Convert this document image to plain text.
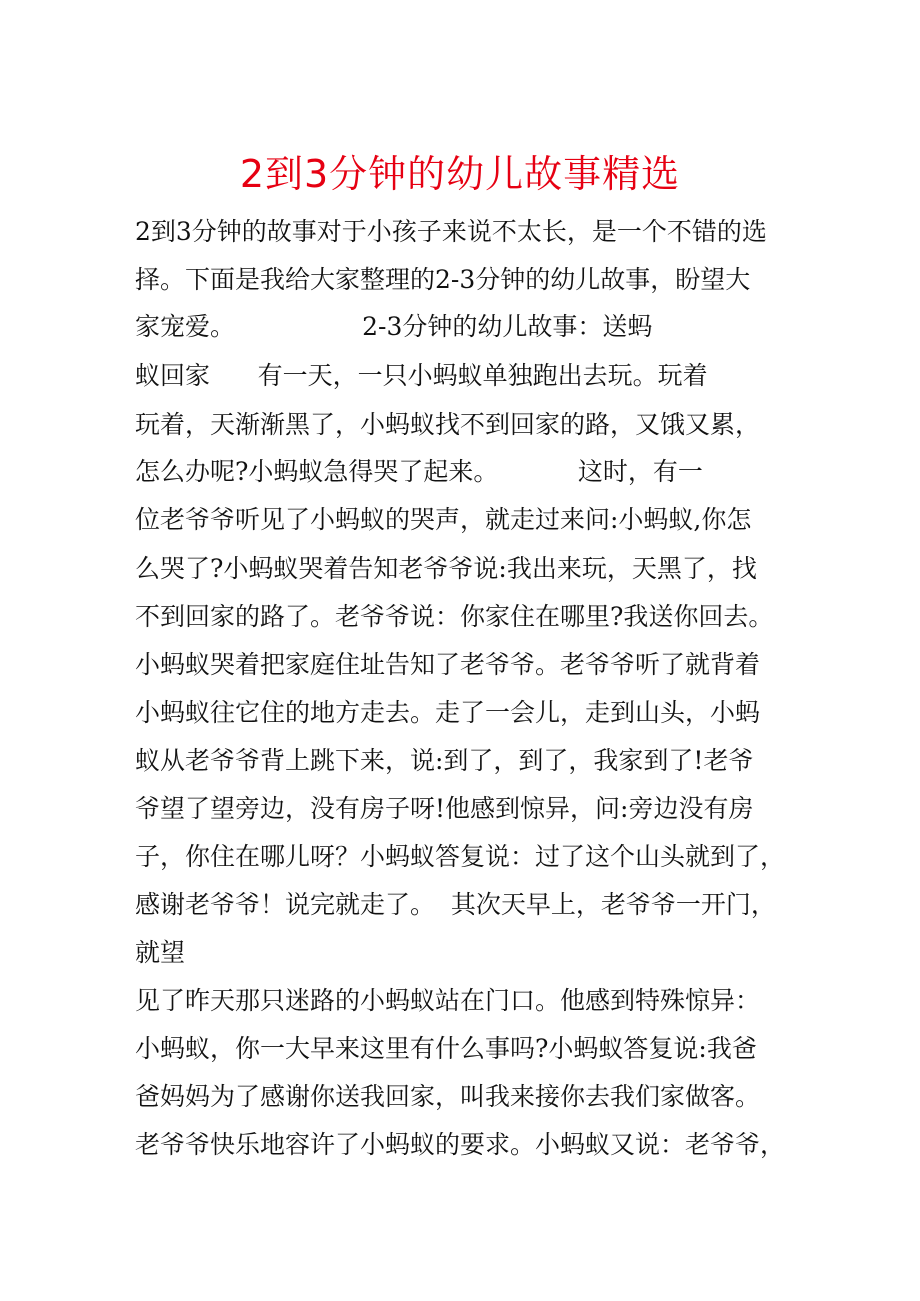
2到3分钟的幼儿故事精选
2到3分钟的故事对于小孩子来说不太长，是一个不错的选
择。下面是我给大家整理的2-3分钟的幼儿故事，盼望大
家宠爱。                2-3分钟的幼儿故事：送蚂
蚁回家      有一天，一只小蚂蚁单独跑出去玩。玩着
玩着，天渐渐黑了，小蚂蚁找不到回家的路，又饿又累，
怎么办呢?小蚂蚁急得哭了起来。          这时，有一
位老爷爷听见了小蚂蚁的哭声，就走过来问:小蚂蚁,你怎
么哭了?小蚂蚁哭着告知老爷爷说:我出来玩，天黑了，找
不到回家的路了。老爷爷说：你家住在哪里?我送你回去。
小蚂蚁哭着把家庭住址告知了老爷爷。老爷爷听了就背着
小蚂蚁往它住的地方走去。走了一会儿，走到山头，小蚂
蚁从老爷爷背上跳下来，说:到了，到了，我家到了!老爷
爷望了望旁边，没有房子呀!他感到惊异，问:旁边没有房
子，你住在哪儿呀？小蚂蚁答复说：过了这个山头就到了，
感谢老爷爷！说完就走了。  其次天早上，老爷爷一开门，
就望
见了昨天那只迷路的小蚂蚁站在门口。他感到特殊惊异：
小蚂蚁，你一大早来这里有什么事吗?小蚂蚁答复说:我爸
爸妈妈为了感谢你送我回家，叫我来接你去我们家做客。
老爷爷快乐地容许了小蚂蚁的要求。小蚂蚁又说：老爷爷，
